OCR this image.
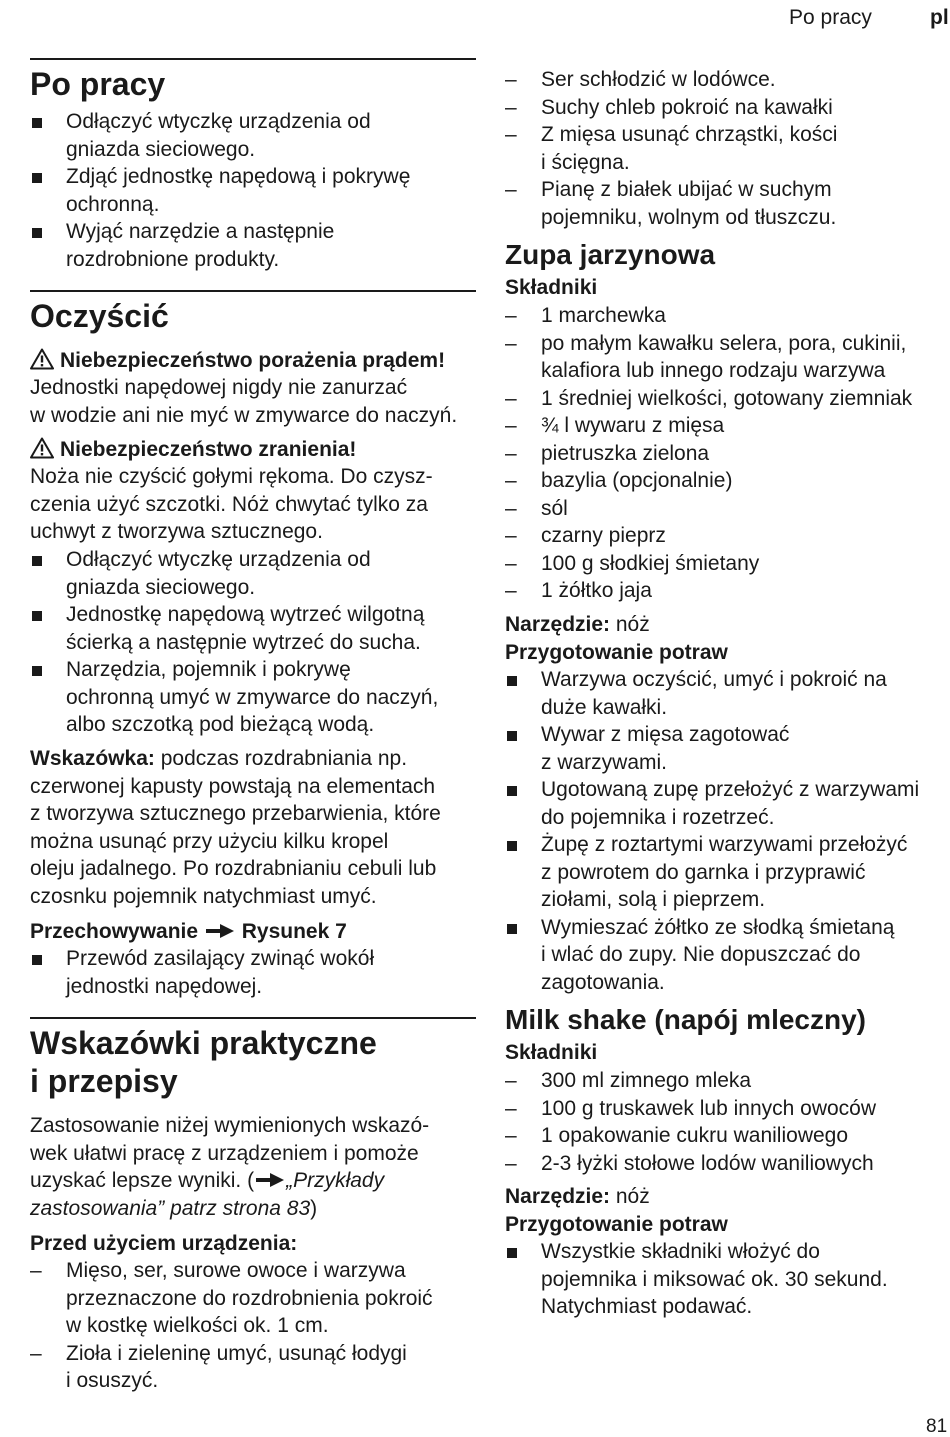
Po pracy	pl
Po pracy
Odłączyć wtyczkę urządzenia od
gniazda sieciowego.
Zdjąć jednostkę napędową i pokrywę
ochronną.
Wyjąć narzędzie a następnie
rozdrobnione produkty.
Oczyścić
Niebezpieczeństwo porażenia prądem!
Jednostki napędowej nigdy nie zanurzać
w wodzie ani nie myć w zmywarce do naczyń.
Niebezpieczeństwo zranienia!
Noża nie czyścić gołymi rękoma. Do czysz-
czenia użyć szczotki. Nóż chwytać tylko za
uchwyt z tworzywa sztucznego.
Odłączyć wtyczkę urządzenia od
gniazda sieciowego.
Jednostkę napędową wytrzeć wilgotną
ścierką a następnie wytrzeć do sucha.
Narzędzia, pojemnik i pokrywę
ochronną umyć w zmywarce do naczyń,
albo szczotką pod bieżącą wodą.
Wskazówka: podczas rozdrabniania np.
czerwonej kapusty powstają na elementach
z tworzywa sztucznego przebarwienia, które
można usunąć przy użyciu kilku kropel
oleju jadalnego. Po rozdrabnianiu cebuli lub
czosnku pojemnik natychmiast umyć.
Przechowywanie Rysunek 7
Przewód zasilający zwinąć wokół
jednostki napędowej.
Wskazówki praktyczne
i przepisy
Zastosowanie niżej wymienionych wskazó-
wek ułatwi pracę z urządzeniem i pomoże
uzyskać lepsze wyniki. ( „Przykłady
zastosowania” patrz strona 83)
Przed użyciem urządzenia:
– Mięso, ser, surowe owoce i warzywa
przeznaczone do rozdrobnienia pokroić
w kostkę wielkości ok. 1 cm.
– Zioła i zieleninę umyć, usunąć łodygi
i osuszyć.
– Ser schłodzić w lodówce.
– Suchy chleb pokroić na kawałki
– Z mięsa usunąć chrząstki, kości
i ścięgna.
– Pianę z białek ubijać w suchym
pojemniku, wolnym od tłuszczu.
Zupa jarzynowa
Składniki
– 1 marchewka
– po małym kawałku selera, pora, cukinii,
kalafiora lub innego rodzaju warzywa
– 1 średniej wielkości, gotowany ziemniak
– ¾ l wywaru z mięsa
– pietruszka zielona
– bazylia (opcjonalnie)
– sól
– czarny pieprz
– 100 g słodkiej śmietany
– 1 żółtko jaja
Narzędzie: nóż
Przygotowanie potraw
Warzywa oczyścić, umyć i pokroić na
duże kawałki.
Wywar z mięsa zagotować
z warzywami.
Ugotowaną zupę przełożyć z warzywami
do pojemnika i rozetrzeć.
Żupę z roztartymi warzywami przełożyć
z powrotem do garnka i przyprawić
ziołami, solą i pieprzem.
Wymieszać żółtko ze słodką śmietaną
i wlać do zupy. Nie dopuszczać do
zagotowania.
Milk shake (napój mleczny)
Składniki
– 300 ml zimnego mleka
– 100 g truskawek lub innych owoców
– 1 opakowanie cukru waniliowego
– 2-3 łyżki stołowe lodów waniliowych
Narzędzie: nóż
Przygotowanie potraw
Wszystkie składniki włożyć do
pojemnika i miksować ok. 30 sekund.
Natychmiast podawać.
81
